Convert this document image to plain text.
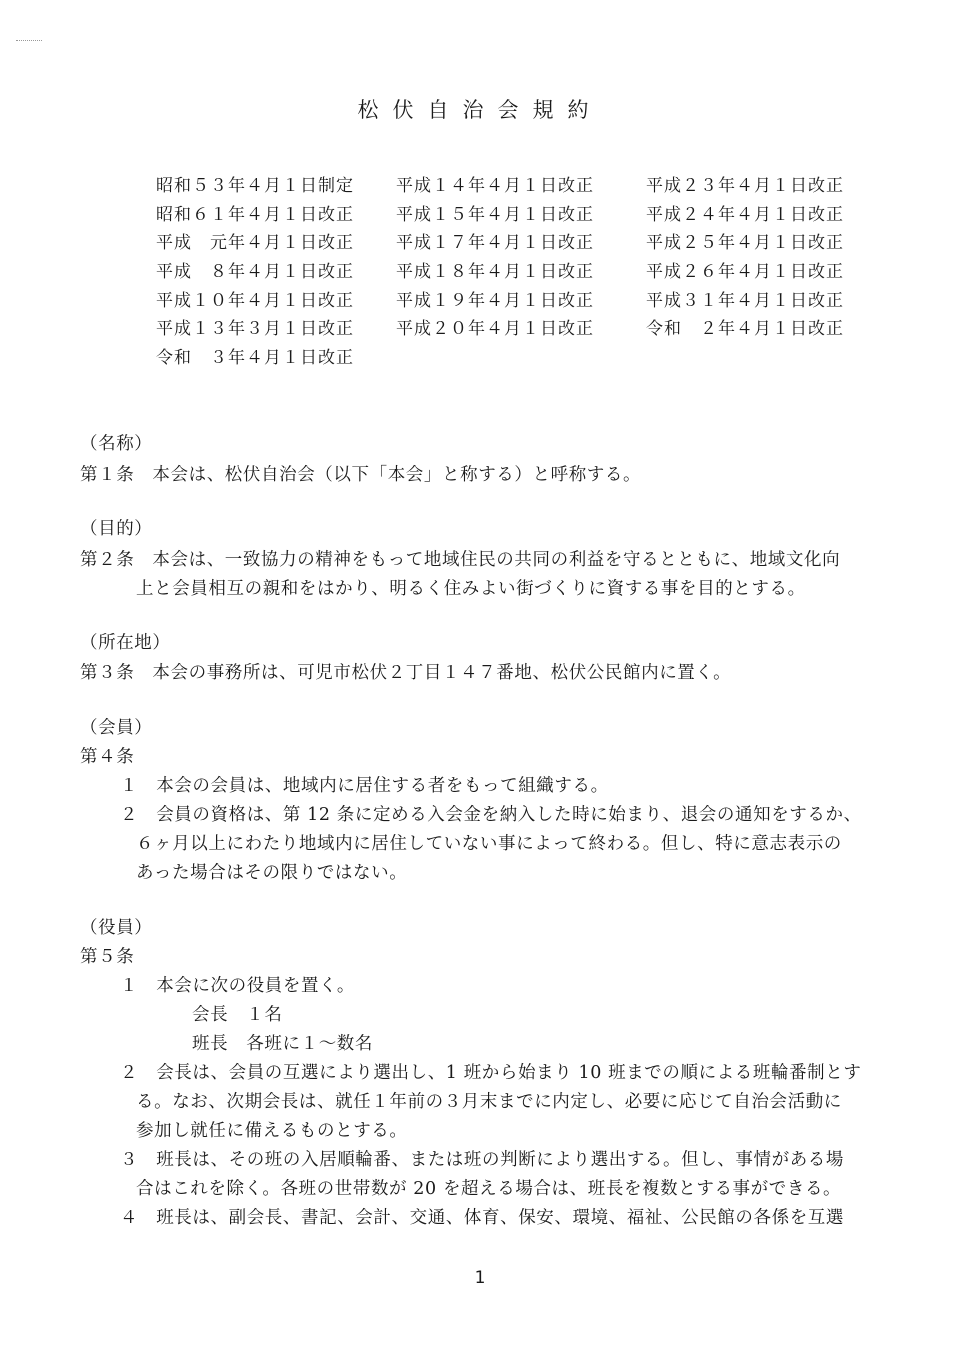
松伏自治会規約
昭和５３年４月１日制定 平成１４年４月１日改正	平成２３年４月１日改正
昭和６１年４月１日改正 平成１５年４月１日改正	平成２４年４月１日改正
平成　元年４月１日改正 平成１７年４月１日改正	平成２５年４月１日改正
平成　８年４月１日改正 平成１８年４月１日改正	平成２６年４月１日改正
平成１０年４月１日改正 平成１９年４月１日改正	平成３１年４月１日改正
平成１３年３月１日改正 平成２０年４月１日改正	令和　２年４月１日改正
令和　３年４月１日改正
（名称）
第１条　本会は、松伏自治会（以下「本会」と称する）と呼称する。
（目的）
第２条　本会は、一致協力の精神をもって地域住民の共同の利益を守るとともに、地域文化向
上と会員相互の親和をはかり、明るく住みよい街づくりに資する事を目的とする。
（所在地）
第３条　本会の事務所は、可児市松伏２丁目１４７番地、松伏公民館内に置く。
（会員）
第４条
１　本会の会員は、地域内に居住する者をもって組織する。
２　会員の資格は、第 12 条に定める入会金を納入した時に始まり、退会の通知をするか、
６ヶ月以上にわたり地域内に居住していない事によって終わる。但し、特に意志表示の
あった場合はその限りではない。
（役員）
第５条
１　本会に次の役員を置く。
会長　１名
班長　各班に１～数名
２　会長は、会員の互選により選出し、1 班から始まり 10 班までの順による班輪番制とす
る。なお、次期会長は、就任１年前の３月末までに内定し、必要に応じて自治会活動に
参加し就任に備えるものとする。
３　班長は、その班の入居順輪番、または班の判断により選出する。但し、事情がある場
合はこれを除く。各班の世帯数が 20 を超える場合は、班長を複数とする事ができる。
４　班長は、副会長、書記、会計、交通、体育、保安、環境、福祉、公民館の各係を互選
1
